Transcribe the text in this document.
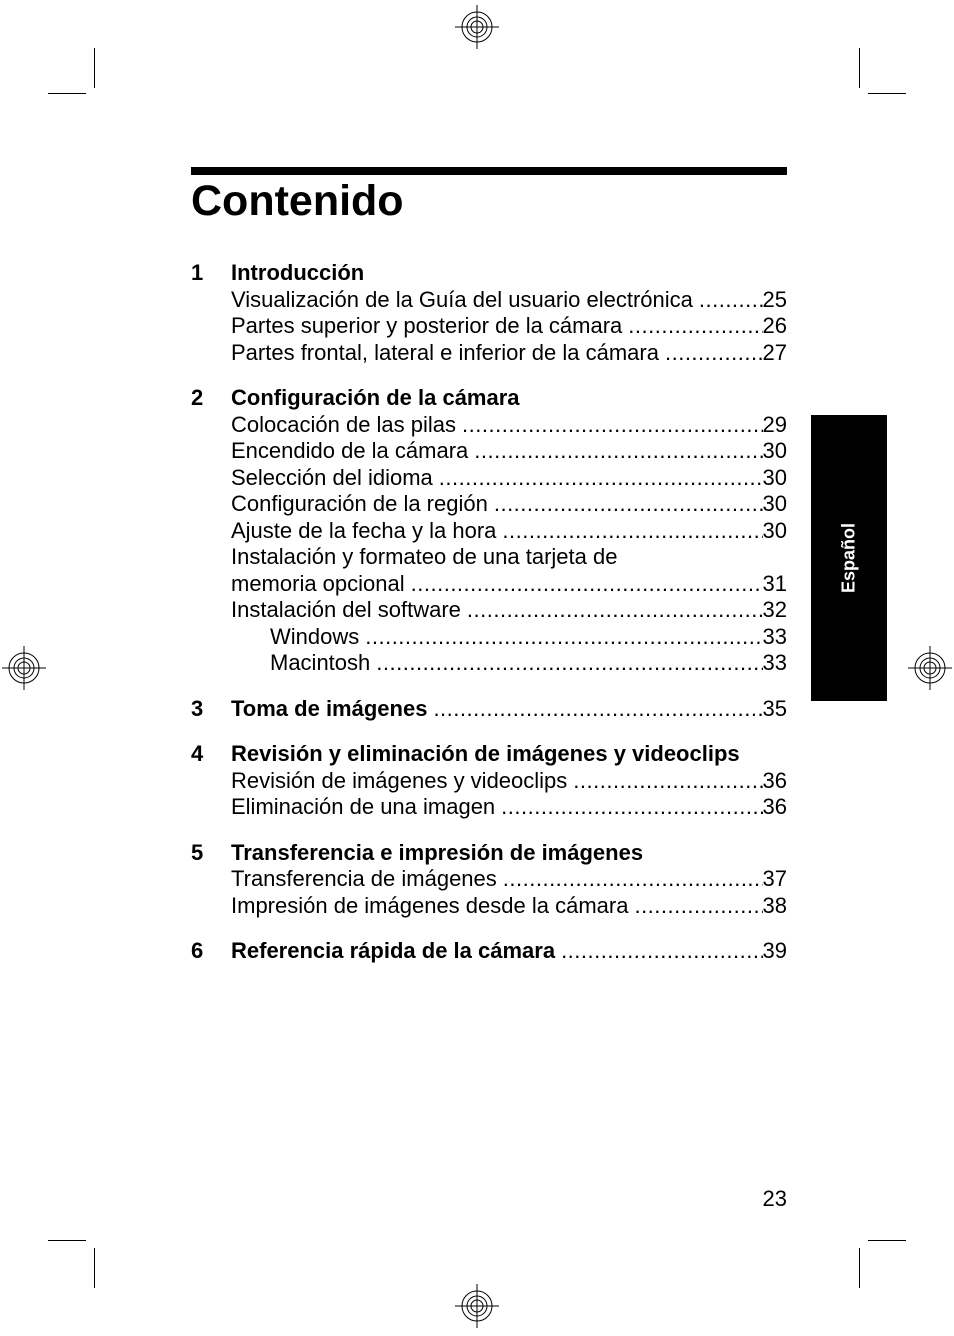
Contenido
1	Introducción
Visualización de la Guía del usuario electrónica .....	25
Partes superior y posterior de la cámara .....	26
Partes frontal, lateral e inferior de la cámara .....	27
2	Configuración de la cámara
Colocación de las pilas .....	29
Encendido de la cámara .....	30
Selección del idioma .....	30
Configuración de la región .....	30
Ajuste de la fecha y la hora .....	30
Instalación y formateo de una tarjeta de
memoria opcional .....	31
Instalación del software .....	32
Windows .....	33
Macintosh .....	33
3	Toma de imágenes .....	35
4	Revisión y eliminación de imágenes y videoclips
Revisión de imágenes y videoclips .....	36
Eliminación de una imagen .....	36
5	Transferencia e impresión de imágenes
Transferencia de imágenes .....	37
Impresión de imágenes desde la cámara .....	38
6	Referencia rápida de la cámara .....	39
Español
23
